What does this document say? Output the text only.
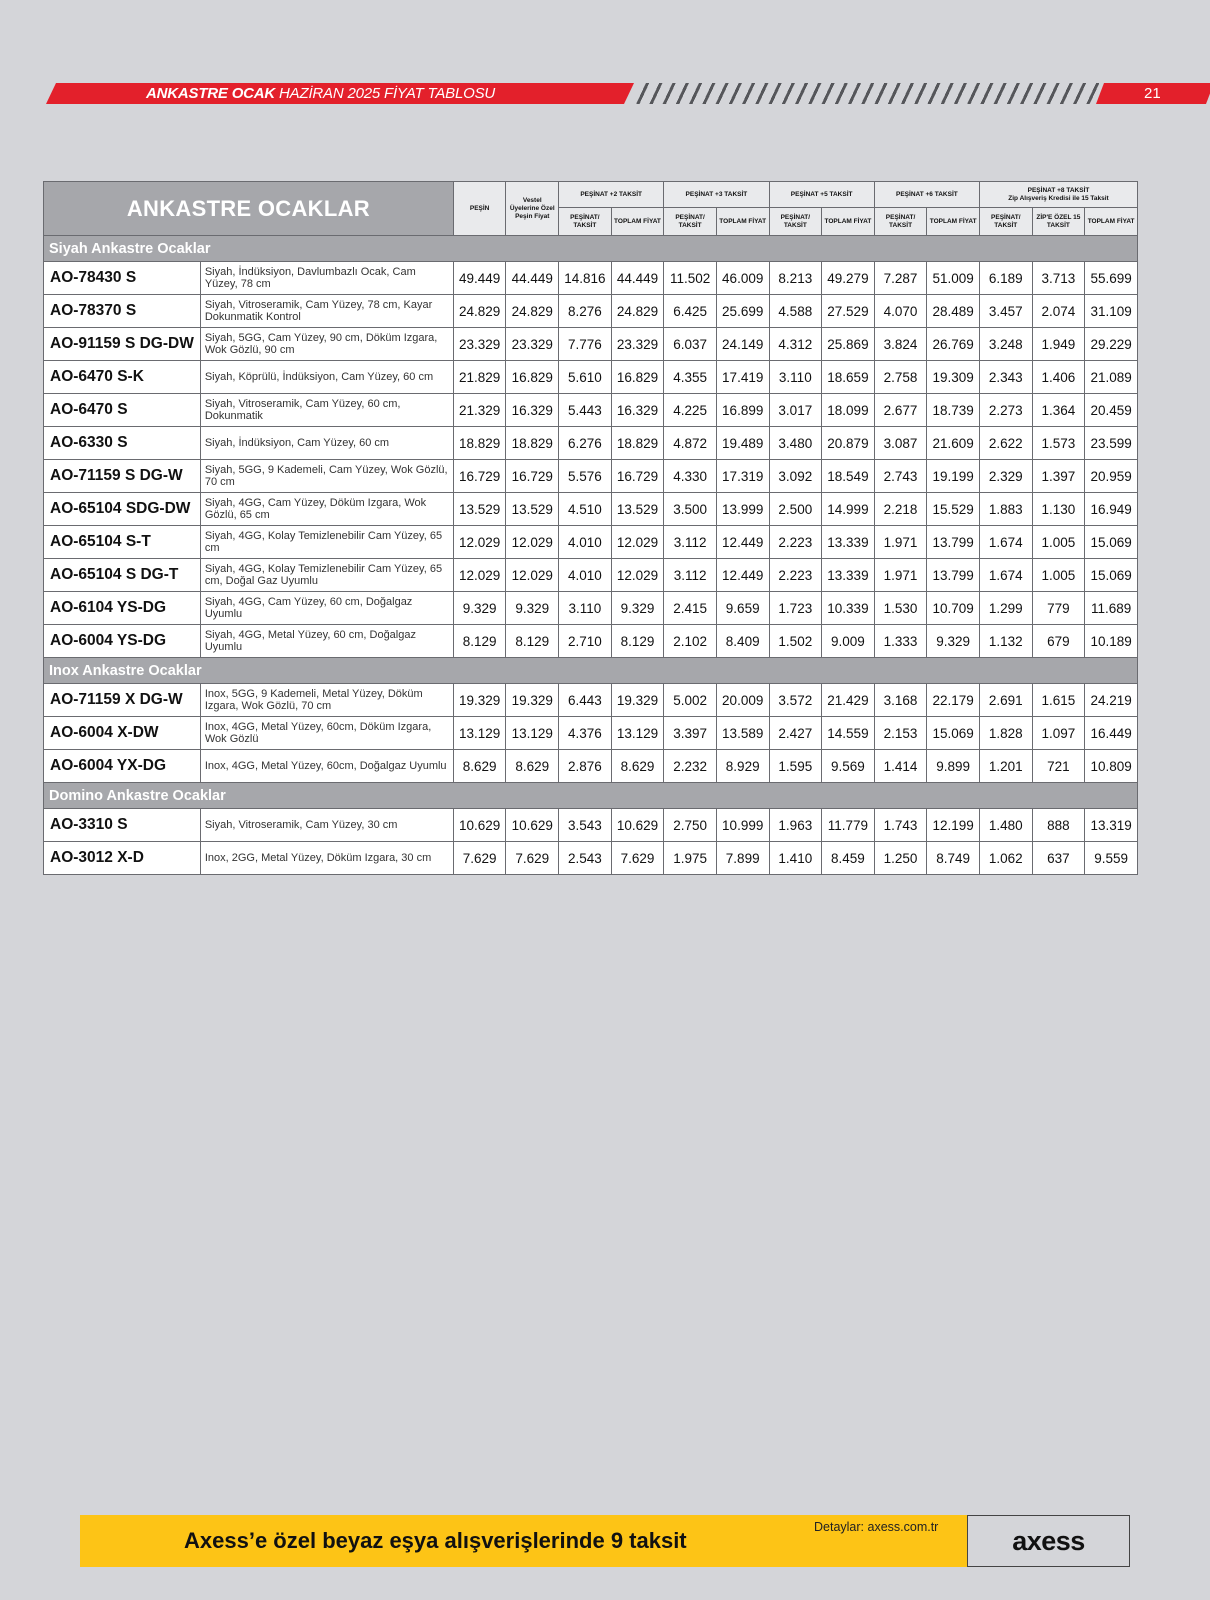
ANKASTRE OCAK HAZİRAN 2025 FİYAT TABLOSU	21
ANKASTRE OCAKLAR		PEŞİN	Vestel Üyelerine Özel Peşin Fiyat	PEŞİNAT +2 TAKSİT		PEŞİNAT +3 TAKSİT		PEŞİNAT +5 TAKSİT		PEŞİNAT +6 TAKSİT		PEŞİNAT +8 TAKSİT
Zip Alışveriş Kredisi ile 15 Taksit		

				PEŞİNAT/ TAKSİT	TOPLAM FİYAT	PEŞİNAT/ TAKSİT	TOPLAM FİYAT	PEŞİNAT/ TAKSİT	TOPLAM FİYAT	PEŞİNAT/ TAKSİT	TOPLAM FİYAT	PEŞİNAT/ TAKSİT	ZİP'E ÖZEL 15 TAKSİT	TOPLAM FİYAT
Siyah Ankastre Ocaklar														
AO-78430 S	Siyah, İndüksiyon, Davlumbazlı Ocak, Cam Yüzey, 78 cm	49.449	44.449	14.816	44.449	11.502	46.009	8.213	49.279	7.287	51.009	6.189	3.713	55.699
AO-78370 S	Siyah, Vitroseramik, Cam Yüzey, 78 cm, Kayar Dokunmatik Kontrol	24.829	24.829	8.276	24.829	6.425	25.699	4.588	27.529	4.070	28.489	3.457	2.074	31.109
AO-91159 S DG-DW	Siyah, 5GG, Cam Yüzey, 90 cm, Döküm Izgara, Wok Gözlü, 90 cm	23.329	23.329	7.776	23.329	6.037	24.149	4.312	25.869	3.824	26.769	3.248	1.949	29.229
AO-6470 S-K	Siyah, Köprülü, İndüksiyon, Cam Yüzey, 60 cm	21.829	16.829	5.610	16.829	4.355	17.419	3.110	18.659	2.758	19.309	2.343	1.406	21.089
AO-6470 S	Siyah, Vitroseramik, Cam Yüzey, 60 cm, Dokunmatik	21.329	16.329	5.443	16.329	4.225	16.899	3.017	18.099	2.677	18.739	2.273	1.364	20.459
AO-6330 S	Siyah, İndüksiyon, Cam Yüzey, 60 cm	18.829	18.829	6.276	18.829	4.872	19.489	3.480	20.879	3.087	21.609	2.622	1.573	23.599
AO-71159 S DG-W	Siyah, 5GG, 9 Kademeli, Cam Yüzey, Wok Gözlü, 70 cm	16.729	16.729	5.576	16.729	4.330	17.319	3.092	18.549	2.743	19.199	2.329	1.397	20.959
AO-65104 SDG-DW	Siyah, 4GG, Cam Yüzey, Döküm Izgara, Wok Gözlü, 65 cm	13.529	13.529	4.510	13.529	3.500	13.999	2.500	14.999	2.218	15.529	1.883	1.130	16.949
AO-65104 S-T	Siyah, 4GG, Kolay Temizlenebilir Cam Yüzey, 65 cm	12.029	12.029	4.010	12.029	3.112	12.449	2.223	13.339	1.971	13.799	1.674	1.005	15.069
AO-65104 S DG-T	Siyah, 4GG, Kolay Temizlenebilir Cam Yüzey, 65 cm, Doğal Gaz Uyumlu	12.029	12.029	4.010	12.029	3.112	12.449	2.223	13.339	1.971	13.799	1.674	1.005	15.069
AO-6104 YS-DG	Siyah, 4GG, Cam Yüzey, 60 cm, Doğalgaz Uyumlu	9.329	9.329	3.110	9.329	2.415	9.659	1.723	10.339	1.530	10.709	1.299	779	11.689
AO-6004 YS-DG	Siyah, 4GG, Metal Yüzey, 60 cm, Doğalgaz Uyumlu	8.129	8.129	2.710	8.129	2.102	8.409	1.502	9.009	1.333	9.329	1.132	679	10.189
Inox Ankastre Ocaklar														
AO-71159 X DG-W	Inox, 5GG, 9 Kademeli, Metal Yüzey, Döküm Izgara, Wok Gözlü, 70 cm	19.329	19.329	6.443	19.329	5.002	20.009	3.572	21.429	3.168	22.179	2.691	1.615	24.219
AO-6004 X-DW	Inox, 4GG, Metal Yüzey, 60cm, Döküm Izgara, Wok Gözlü	13.129	13.129	4.376	13.129	3.397	13.589	2.427	14.559	2.153	15.069	1.828	1.097	16.449
AO-6004 YX-DG	Inox, 4GG, Metal Yüzey, 60cm, Doğalgaz Uyumlu	8.629	8.629	2.876	8.629	2.232	8.929	1.595	9.569	1.414	9.899	1.201	721	10.809
Domino Ankastre Ocaklar														
AO-3310 S	Siyah, Vitroseramik, Cam Yüzey, 30 cm	10.629	10.629	3.543	10.629	2.750	10.999	1.963	11.779	1.743	12.199	1.480	888	13.319
AO-3012 X-D	Inox, 2GG, Metal Yüzey, Döküm Izgara, 30 cm	7.629	7.629	2.543	7.629	1.975	7.899	1.410	8.459	1.250	8.749	1.062	637	9.559
Axess’e özel beyaz eşya alışverişlerinde 9 taksit
Detaylar: axess.com.tr	axess
